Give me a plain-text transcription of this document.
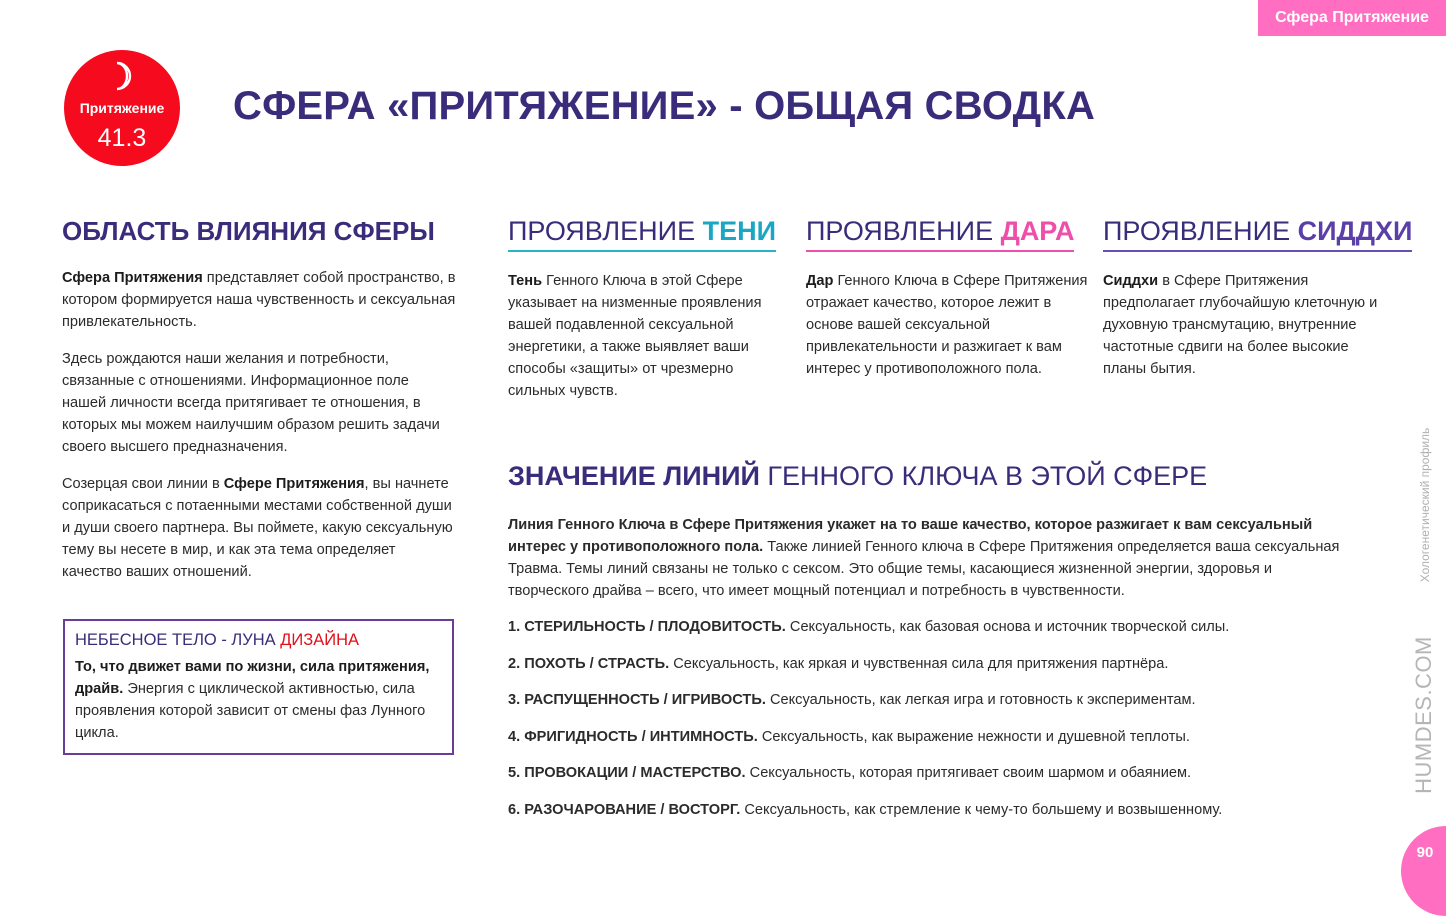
Сфера Притяжение
Притяжение
41.3
СФЕРА «ПРИТЯЖЕНИЕ» - ОБЩАЯ СВОДКА
ОБЛАСТЬ ВЛИЯНИЯ СФЕРЫ

Сфера Притяжения представляет собой пространство, в котором формируется наша чувственность и сексуальная привлекательность.

Здесь рождаются наши желания и потребности, связанные с отношениями. Информационное поле нашей личности всегда притягивает те отношения, в которых мы можем наилучшим образом решить задачи своего высшего предназначения.

Созерцая свои линии в Сфере Притяжения, вы начнете соприкасаться с потаенными местами собственной души и души своего партнера. Вы поймете, какую сексуальную тему вы несете в мир, и как эта тема определяет качество ваших отношений.

НЕБЕСНОЕ ТЕЛО - ЛУНА ДИЗАЙНА

То, что движет вами по жизни, сила притяжения, драйв. Энергия с циклической активностью, сила проявления которой зависит от смены фаз Лунного цикла.

ПРОЯВЛЕНИЕ ТЕНИ

Тень Генного Ключа в этой Сфере указывает на низменные проявления вашей подавленной сексуальной энергетики, а также выявляет ваши способы «защиты» от чрезмерно сильных чувств.

ПРОЯВЛЕНИЕ ДАРА

Дар Генного Ключа в Сфере Притяжения отражает качество, которое лежит в основе вашей сексуальной привлекательности и разжигает к вам интерес у противоположного пола.

ПРОЯВЛЕНИЕ СИДДХИ

Сиддхи в Сфере Притяжения предполагает глубочайшую клеточную и духовную трансмутацию, внутренние частотные сдвиги на более высокие планы бытия.

ЗНАЧЕНИЕ ЛИНИЙ ГЕННОГО КЛЮЧА В ЭТОЙ СФЕРЕ

Линия Генного Ключа в Сфере Притяжения укажет на то ваше качество, которое разжигает к вам сексуальный интерес у противоположного пола. Также линией Генного ключа в Сфере Притяжения определяется ваша сексуальная Травма. Темы линий связаны не только с сексом. Это общие темы, касающиеся жизненной энергии, здоровья и творческого драйва – всего, что имеет мощный потенциал и потребность в чувственности.

1. СТЕРИЛЬНОСТЬ / ПЛОДОВИТОСТЬ. Сексуальность, как базовая основа и источник творческой силы.

2. ПОХОТЬ / СТРАСТЬ. Сексуальность, как яркая и чувственная сила для притяжения партнёра.

3. РАСПУЩЕННОСТЬ / ИГРИВОСТЬ. Сексуальность, как легкая игра и готовность к экспериментам.

4. ФРИГИДНОСТЬ / ИНТИМНОСТЬ. Сексуальность, как выражение нежности и душевной теплоты.

5. ПРОВОКАЦИИ / МАСТЕРСТВО. Сексуальность, которая притягивает своим шармом и обаянием.

6. РАЗОЧАРОВАНИЕ / ВОСТОРГ. Сексуальность, как стремление к чему-то большему и возвышенному.

Хологенетический профиль
HUMDES.COM
90
